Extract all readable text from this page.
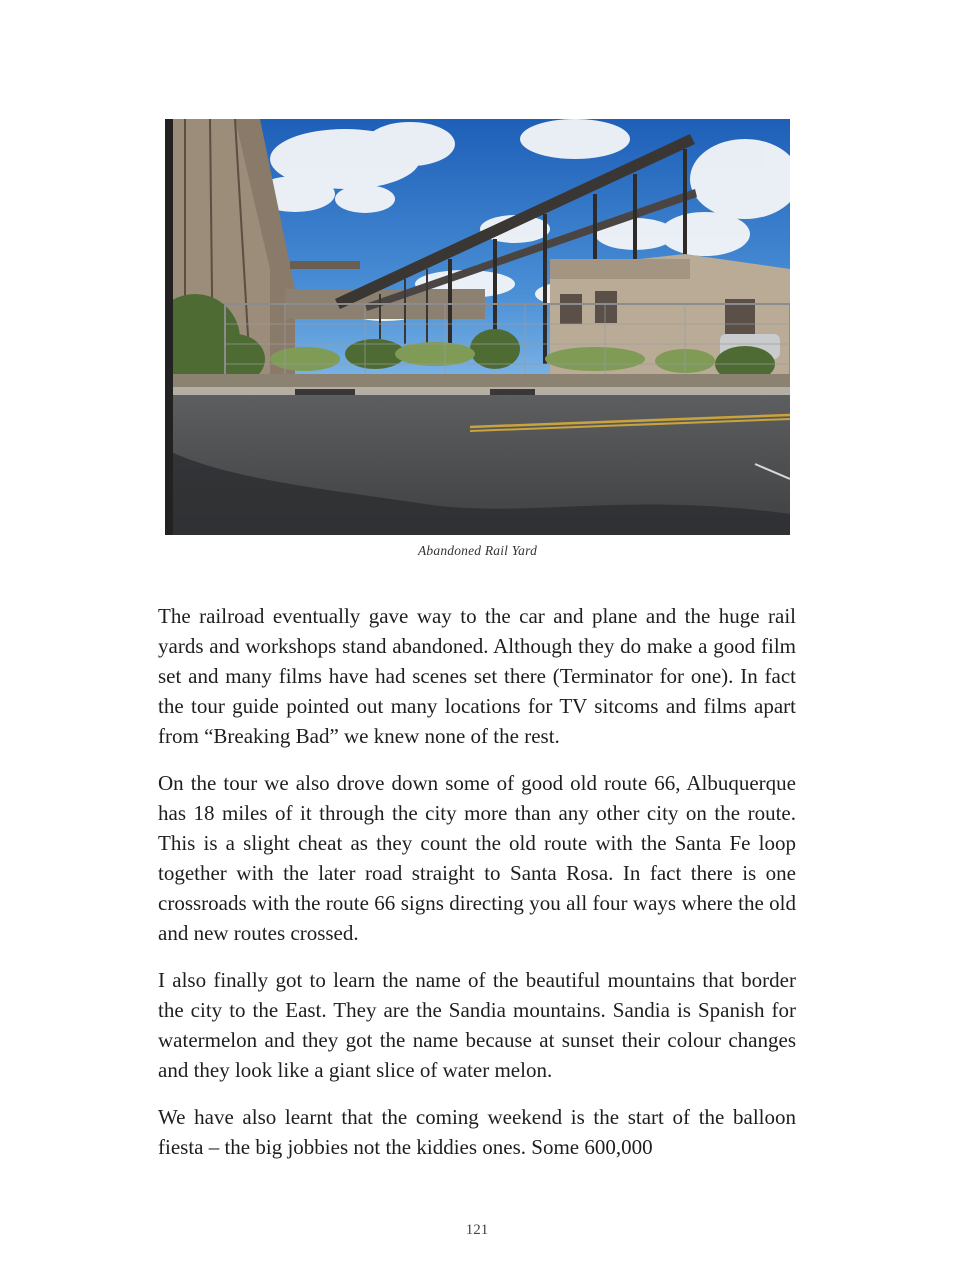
Abandoned Rail Yard

The railroad eventually gave way to the car and plane and the huge rail yards and workshops stand abandoned. Although they do make a good film set and many films have had scenes set there (Terminator for one). In fact the tour guide pointed out many locations for TV sitcoms and films apart from “Breaking Bad” we knew none of the rest.

On the tour we also drove down some of good old route 66, Albuquerque has 18 miles of it through the city more than any other city on the route. This is a slight cheat as they count the old route with the Santa Fe loop together with the later road straight to Santa Rosa. In fact there is one crossroads with the route 66 signs directing you all four ways where the old and new routes crossed.

I also finally got to learn the name of the beautiful mountains that border the city to the East. They are the Sandia mountains. Sandia is Spanish for watermelon and they got the name because at sunset their colour changes and they look like a giant slice of water melon.

We have also learnt that the coming weekend is the start of the balloon fiesta – the big jobbies not the kiddies ones. Some 600,000

121
